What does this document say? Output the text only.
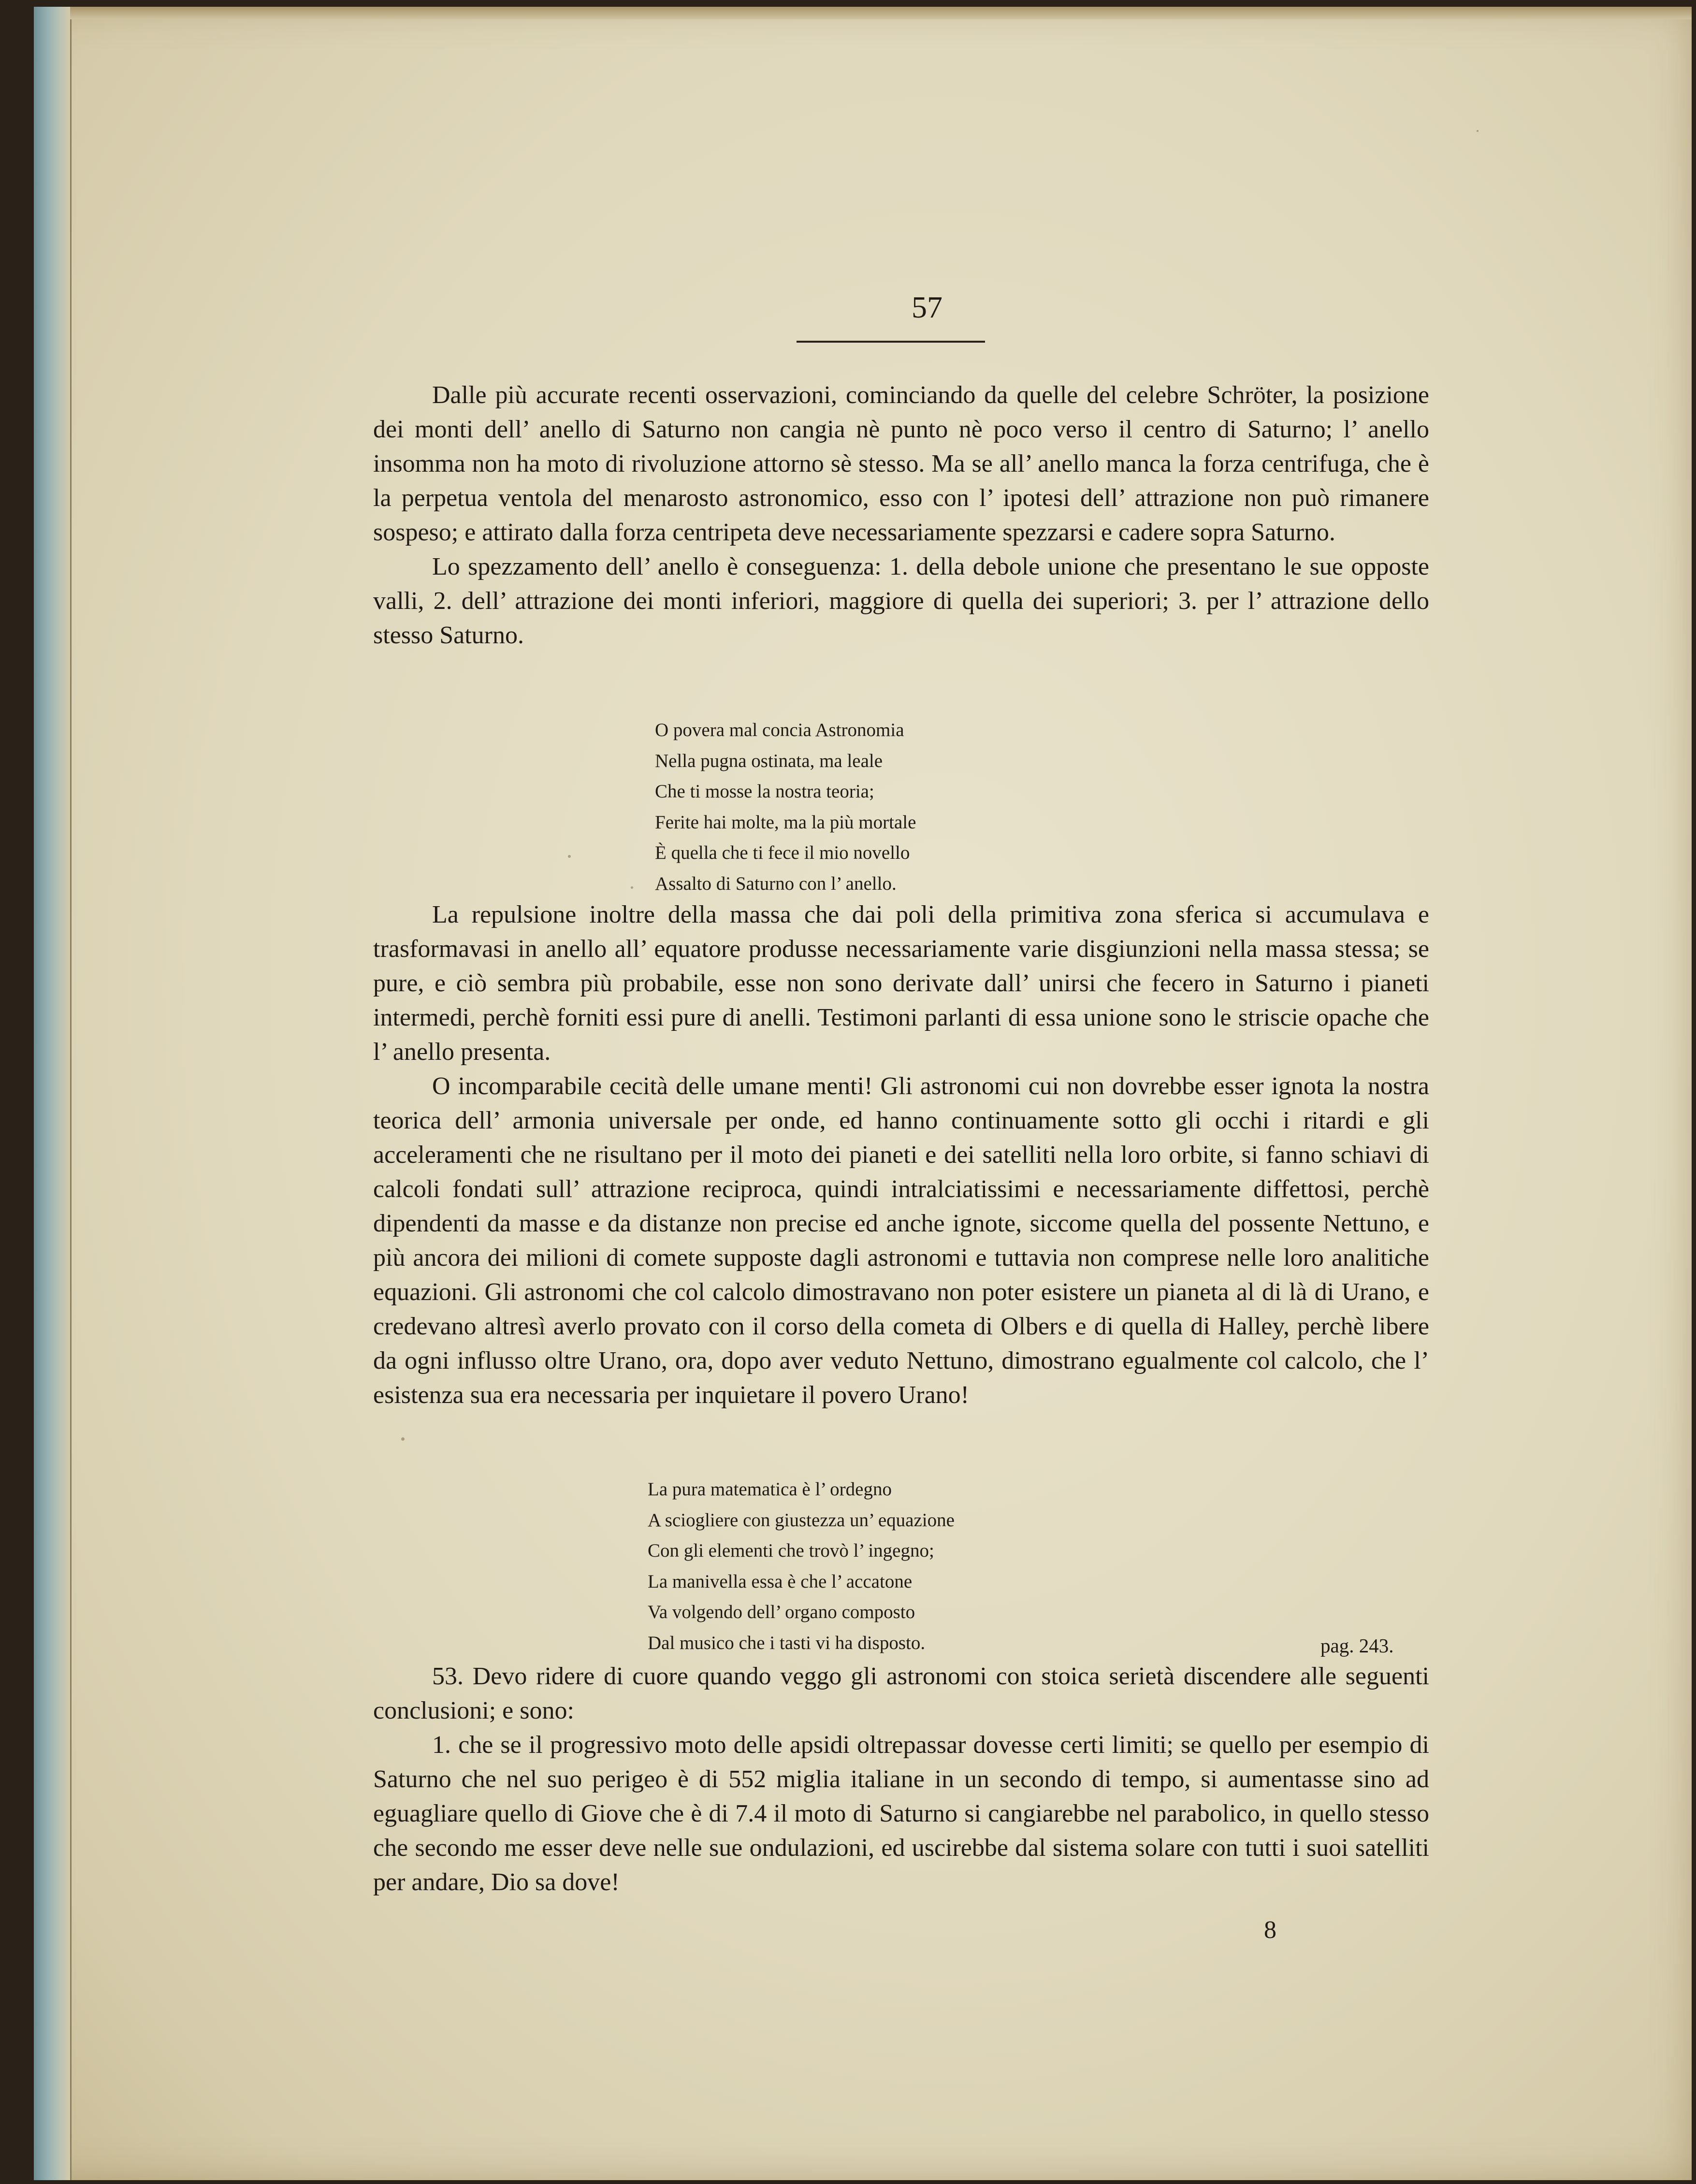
57

Dalle più accurate recenti osservazioni, cominciando da quelle del celebre Schröter, la posizione dei monti dell’ anello di Saturno non cangia nè punto nè poco verso il centro di Saturno; l’ anello insomma non ha moto di rivoluzione attorno sè stesso. Ma se all’ anello manca la forza centrifuga, che è la perpetua ventola del menarosto astronomico, esso con l’ ipotesi dell’ attrazione non può rimanere sospeso; e attirato dalla forza centripeta deve necessariamente spezzarsi e cadere sopra Saturno.

Lo spezzamento dell’ anello è conseguenza: 1. della debole unione che presentano le sue opposte valli, 2. dell’ attrazione dei monti inferiori, maggiore di quella dei superiori; 3. per l’ attrazione dello stesso Saturno.

O povera mal concia Astronomia
Nella pugna ostinata, ma leale
Che ti mosse la nostra teoria;
Ferite hai molte, ma la più mortale
È quella che ti fece il mio novello
Assalto di Saturno con l’ anello.

La repulsione inoltre della massa che dai poli della primitiva zona sferica si accumulava e trasformavasi in anello all’ equatore produsse necessariamente varie disgiunzioni nella massa stessa; se pure, e ciò sembra più probabile, esse non sono derivate dall’ unirsi che fecero in Saturno i pianeti intermedi, perchè forniti essi pure di anelli. Testimoni parlanti di essa unione sono le striscie opache che l’ anello presenta.

O incomparabile cecità delle umane menti! Gli astronomi cui non dovrebbe esser ignota la nostra teorica dell’ armonia universale per onde, ed hanno continuamente sotto gli occhi i ritardi e gli acceleramenti che ne risultano per il moto dei pianeti e dei satelliti nella loro orbite, si fanno schiavi di calcoli fondati sull’ attrazione reciproca, quindi intralciatissimi e necessariamente diffettosi, perchè dipendenti da masse e da distanze non precise ed anche ignote, siccome quella del possente Nettuno, e più ancora dei milioni di comete supposte dagli astronomi e tuttavia non comprese nelle loro analitiche equazioni. Gli astronomi che col calcolo dimostravano non poter esistere un pianeta al di là di Urano, e credevano altresì averlo provato con il corso della cometa di Olbers e di quella di Halley, perchè libere da ogni influsso oltre Urano, ora, dopo aver veduto Nettuno, dimostrano egualmente col calcolo, che l’ esistenza sua era necessaria per inquietare il povero Urano!

La pura matematica è l’ ordegno
A sciogliere con giustezza un’ equazione
Con gli elementi che trovò l’ ingegno;
La manivella essa è che l’ accatone
Va volgendo dell’ organo composto
Dal musico che i tasti vi ha disposto.	pag. 243.

53. Devo ridere di cuore quando veggo gli astronomi con stoica serietà discendere alle seguenti conclusioni; e sono:

1. che se il progressivo moto delle apsidi oltrepassar dovesse certi limiti; se quello per esempio di Saturno che nel suo perigeo è di 552 miglia italiane in un secondo di tempo, si aumentasse sino ad eguagliare quello di Giove che è di 7.4 il moto di Saturno si cangiarebbe nel parabolico, in quello stesso che secondo me esser deve nelle sue ondulazioni, ed uscirebbe dal sistema solare con tutti i suoi satelliti per andare, Dio sa dove!

8
